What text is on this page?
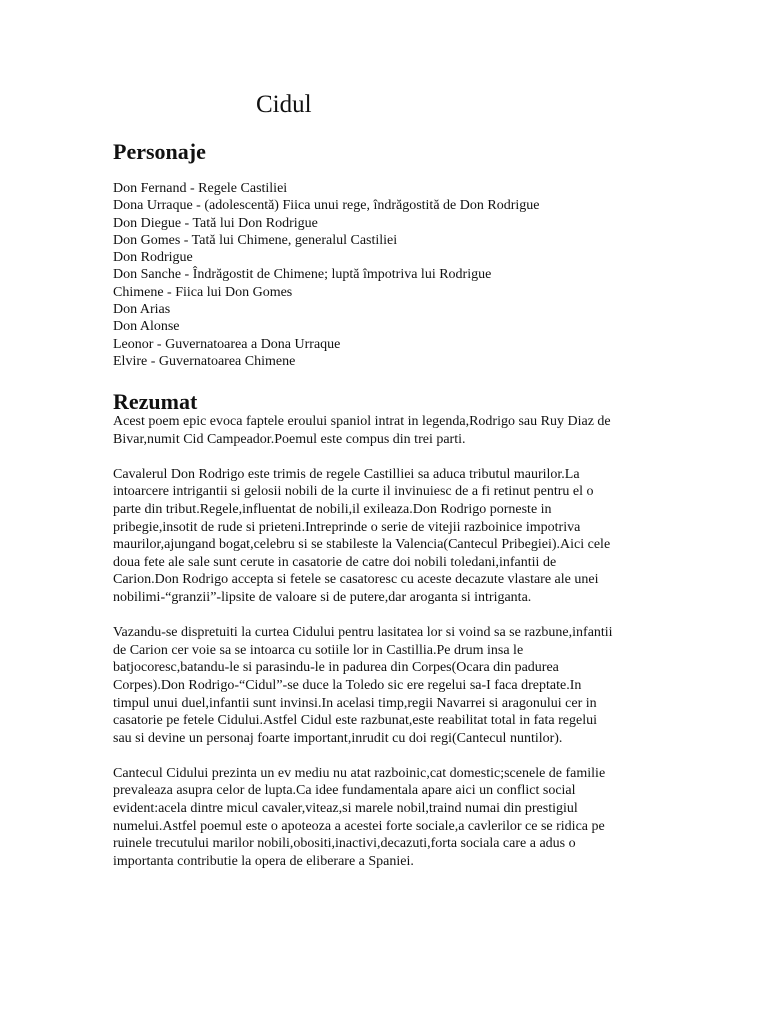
Cidul
Personaje
Don Fernand - Regele Castiliei
Dona Urraque - (adolescentă) Fiica unui rege, îndrăgostită de Don Rodrigue
Don Diegue - Tată lui Don Rodrigue
Don Gomes - Tată lui Chimene, generalul Castiliei
Don Rodrigue
Don Sanche - Îndrăgostit de Chimene; luptă împotriva lui Rodrigue
Chimene - Fiica lui Don Gomes
Don Arias
Don Alonse
Leonor - Guvernatoarea a Dona Urraque
Elvire - Guvernatoarea Chimene
Rezumat

Acest poem epic evoca faptele eroului spaniol intrat in legenda,Rodrigo sau Ruy Diaz de
Bivar,numit Cid Campeador.Poemul este compus din trei parti.

Cavalerul Don Rodrigo este trimis de regele Castilliei sa aduca tributul maurilor.La
intoarcere intrigantii si gelosii nobili de la curte il invinuiesc de a fi retinut pentru el o
parte din tribut.Regele,influentat de nobili,il exileaza.Don Rodrigo porneste in
pribegie,insotit de rude si prieteni.Intreprinde o serie de vitejii razboinice impotriva
maurilor,ajungand bogat,celebru si se stabileste la Valencia(Cantecul Pribegiei).Aici cele
doua fete ale sale sunt cerute in casatorie de catre doi nobili toledani,infantii de
Carion.Don Rodrigo accepta si fetele se casatoresc cu aceste decazute vlastare ale unei
nobilimi-“granzii”-lipsite de valoare si de putere,dar aroganta si intriganta.

Vazandu-se dispretuiti la curtea Cidului pentru lasitatea lor si voind sa se razbune,infantii
de Carion cer voie sa se intoarca cu sotiile lor in Castillia.Pe drum insa le
batjocoresc,batandu-le si parasindu-le in padurea din Corpes(Ocara din padurea
Corpes).Don Rodrigo-“Cidul”-se duce la Toledo sic ere regelui sa-I faca dreptate.In
timpul unui duel,infantii sunt invinsi.In acelasi timp,regii Navarrei si aragonului cer in
casatorie pe fetele Cidului.Astfel Cidul este razbunat,este reabilitat total in fata regelui
sau si devine un personaj foarte important,inrudit cu doi regi(Cantecul nuntilor).

Cantecul Cidului prezinta un ev mediu nu atat razboinic,cat domestic;scenele de familie
prevaleaza asupra celor de lupta.Ca idee fundamentala apare aici un conflict social
evident:acela dintre micul cavaler,viteaz,si marele nobil,traind numai din prestigiul
numelui.Astfel poemul este o apoteoza a acestei forte sociale,a cavlerilor ce se ridica pe
ruinele trecutului marilor nobili,obositi,inactivi,decazuti,forta sociala care a adus o
importanta contributie la opera de eliberare a Spaniei.
